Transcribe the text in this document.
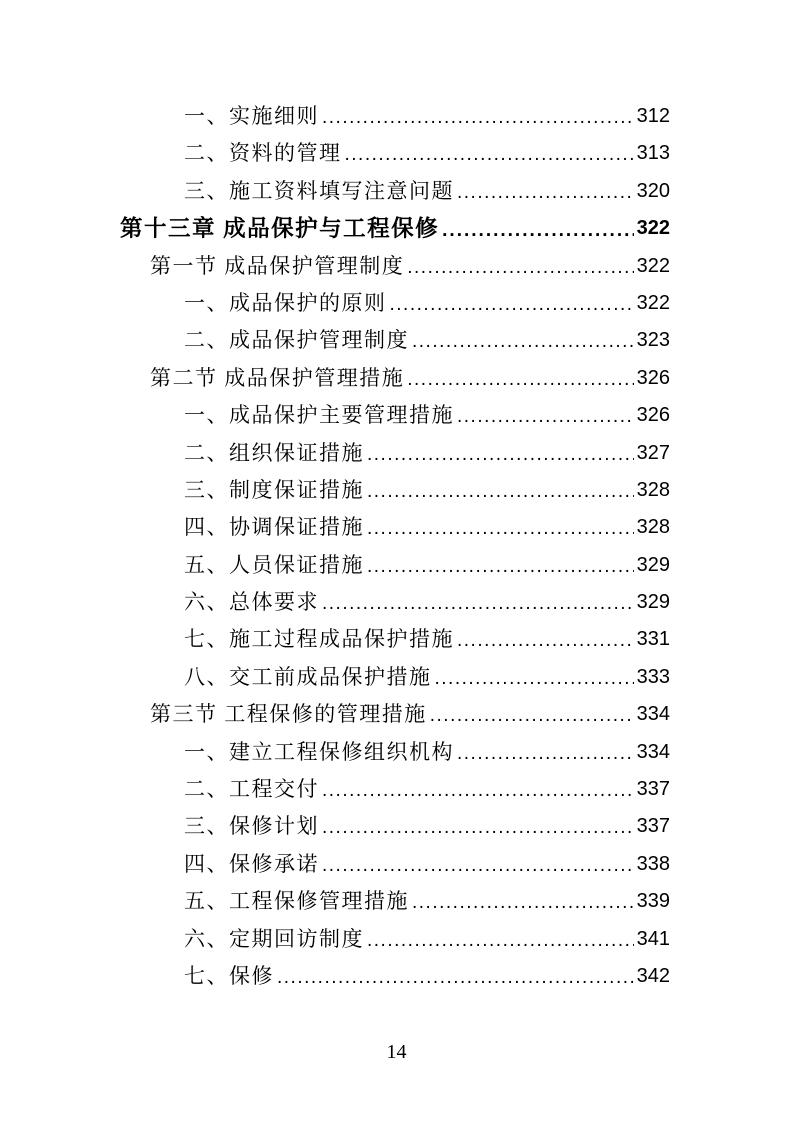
一、实施细则 .....	312
二、资料的管理 .....	313
三、施工资料填写注意问题 .....	320
第十三章 成品保护与工程保修 .....	322
第一节 成品保护管理制度 .....	322
一、成品保护的原则 .....	322
二、成品保护管理制度 .....	323
第二节 成品保护管理措施 .....	326
一、成品保护主要管理措施 .....	326
二、组织保证措施 .....	327
三、制度保证措施 .....	328
四、协调保证措施 .....	328
五、人员保证措施 .....	329
六、总体要求 .....	329
七、施工过程成品保护措施 .....	331
八、交工前成品保护措施 .....	333
第三节 工程保修的管理措施 .....	334
一、建立工程保修组织机构 .....	334
二、工程交付 .....	337
三、保修计划 .....	337
四、保修承诺 .....	338
五、工程保修管理措施 .....	339
六、定期回访制度 .....	341
七、保修 .....	342
14
